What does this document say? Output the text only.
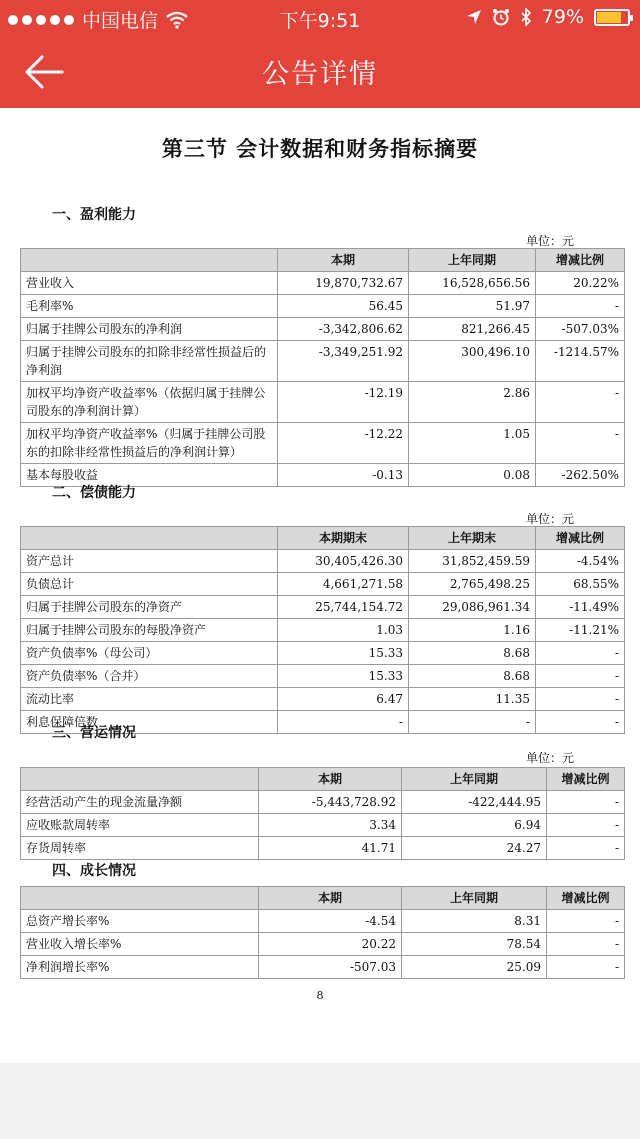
中国电信	下午9:51	79%
公告详情
第三节 会计数据和财务指标摘要
一、盈利能力
单位：元
	本期	上年同期	增减比例
营业收入	19,870,732.67	16,528,656.56	20.22%
毛利率%	56.45	51.97	-
归属于挂牌公司股东的净利润	-3,342,806.62	821,266.45	-507.03%
归属于挂牌公司股东的扣除非经常性损益后的净利润	-3,349,251.92	300,496.10	-1214.57%
加权平均净资产收益率%（依据归属于挂牌公司股东的净利润计算）	-12.19	2.86	-
加权平均净资产收益率%（归属于挂牌公司股东的扣除非经常性损益后的净利润计算）	-12.22	1.05	-
基本每股收益	-0.13	0.08	-262.50%
二、偿债能力
单位：元
	本期期末	上年期末	增减比例
资产总计	30,405,426.30	31,852,459.59	-4.54%
负债总计	4,661,271.58	2,765,498.25	68.55%
归属于挂牌公司股东的净资产	25,744,154.72	29,086,961.34	-11.49%
归属于挂牌公司股东的每股净资产	1.03	1.16	-11.21%
资产负债率%（母公司）	15.33	8.68	-
资产负债率%（合并）	15.33	8.68	-
流动比率	6.47	11.35	-
利息保障倍数	-	-	-
三、营运情况
单位：元
	本期	上年同期	增减比例
经营活动产生的现金流量净额	-5,443,728.92	-422,444.95	-
应收账款周转率	3.34	6.94	-
存货周转率	41.71	24.27	-
四、成长情况
	本期	上年同期	增减比例
总资产增长率%	-4.54	8.31	-
营业收入增长率%	20.22	78.54	-
净利润增长率%	-507.03	25.09	-
8
